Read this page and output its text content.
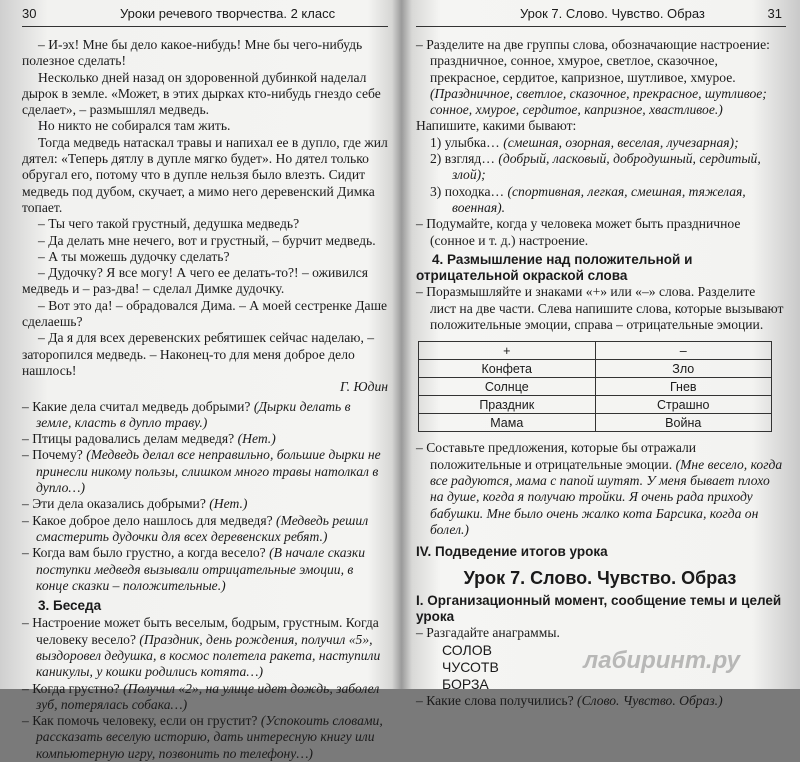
30	Уроки речевого творчества. 2 класс

– И-эх! Мне бы дело какое-нибудь! Мне бы чего-нибудь полезное сделать!

Несколько дней назад он здоровенной дубинкой наделал дырок в земле. «Может, в этих дырках кто-нибудь гнездо себе сделает», – размышлял медведь.

Но никто не собирался там жить.

Тогда медведь натаскал травы и напихал ее в дупло, где жил дятел: «Теперь дятлу в дупле мягко будет». Но дятел только обругал его, потому что в дупле нельзя было влезть. Сидит медведь под дубом, скучает, а мимо него деревенский Димка топает.

– Ты чего такой грустный, дедушка медведь?

– Да делать мне нечего, вот и грустный, – бурчит медведь.

– А ты можешь дудочку сделать?

– Дудочку? Я все могу! А чего ее делать-то?! – оживился медведь и – раз-два! – сделал Димке дудочку.

– Вот это да! – обрадовался Дима. – А моей сестренке Даше сделаешь?

– Да я для всех деревенских ребятишек сейчас наделаю, – заторопился медведь. – Наконец-то для меня доброе дело нашлось!

Г. Юдин

– Какие дела считал медведь добрыми? (Дырки делать в земле, класть в дупло траву.)

– Птицы радовались делам медведя? (Нет.)

– Почему? (Медведь делал все неправильно, большие дырки не принесли никому пользы, слишком много травы натолкал в дупло…)

– Эти дела оказались добрыми? (Нет.)

– Какое доброе дело нашлось для медведя? (Медведь решил смастерить дудочки для всех деревенских ребят.)

– Когда вам было грустно, а когда весело? (В начале сказки поступки медведя вызывали отрицательные эмоции, в конце сказки – положительные.)

3. Беседа

– Настроение может быть веселым, бодрым, грустным. Когда человеку весело? (Праздник, день рождения, получил «5», выздоровел дедушка, в космос полетела ракета, наступили каникулы, у кошки родились котята…)

– Когда грустно? (Получил «2», на улице идет дождь, заболел зуб, потерялась собака…)

– Как помочь человеку, если он грустит? (Успокоить словами, рассказать веселую историю, дать интересную книгу или компьютерную игру, позвонить по телефону…)

Урок 7. Слово. Чувство. Образ	31

– Разделите на две группы слова, обозначающие настроение: праздничное, сонное, хмурое, светлое, сказочное, прекрасное, сердитое, капризное, шутливое, хмурое. (Праздничное, светлое, сказочное, прекрасное, шутливое; сонное, хмурое, сердитое, капризное, хвастливое.)

Напишите, какими бывают:

1) улыбка… (смешная, озорная, веселая, лучезарная);

2) взгляд… (добрый, ласковый, добродушный, сердитый, злой);

3) походка… (спортивная, легкая, смешная, тяжелая, военная).

– Подумайте, когда у человека может быть праздничное (сонное и т. д.) настроение.

4. Размышление над положительной и отрицательной окраской слова

– Поразмышляйте и знаками «+» или «–» слова. Разделите лист на две части. Слева напишите слова, которые вызывают положительные эмоции, справа – отрицательные эмоции.

+	–
Конфета	Зло
Солнце	Гнев
Праздник	Страшно
Мама	Война

– Составьте предложения, которые бы отражали положительные и отрицательные эмоции. (Мне весело, когда все радуются, мама с папой шутят. У меня бывает плохо на душе, когда я получаю тройки. Я очень рада приходу бабушки. Мне было очень жалко кота Барсика, когда он болел.)

IV. Подведение итогов урока

Урок 7. Слово. Чувство. Образ

I. Организационный момент, сообщение темы и целей урока

– Разгадайте анаграммы.

СОЛОВ

ЧУСОТВ

БОРЗА

– Какие слова получились? (Слово. Чувство. Образ.)

лабиринт.ру
